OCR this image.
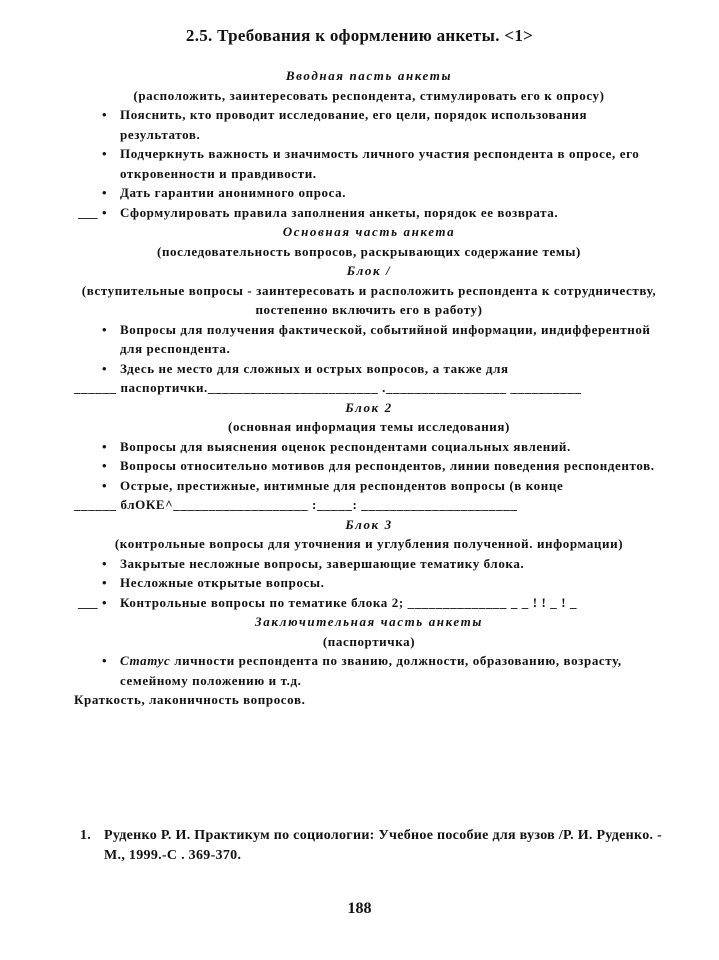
2.5. Требования к оформлению анкеты. <1>
Вводная пасть анкеты
(расположить, заинтересовать респондента, стимулировать его к опросу)
• Пояснить, кто проводит исследование, его цели, порядок использования результатов.
• Подчеркнуть важность и значимость личного участия респондента в опросе, его откровенности и правдивости.
• Дать гарантии анонимного опроса.
___ • Сформулировать правила заполнения анкеты, порядок ее возврата.
Основная часть анкета
(последовательность вопросов, раскрывающих содержание темы)
Блок /
(вступительные вопросы - заинтересовать и расположить респондента к сотрудничеству, постепенно включить его в работу)
• Вопросы для получения фактической, событийной информации, индифферентной для респондента.
• Здесь не место для сложных и острых вопросов, а также для
______ паспортички.________________________ ._________________ __________
Блок 2
(основная информация темы исследования)
• Вопросы для выяснения оценок респондентами социальных явлений.
• Вопросы относительно мотивов для респондентов, линии поведения респондентов.
• Острые, престижные, интимные для респондентов вопросы (в конце
______ блОКЕ^___________________ :_____: ______________________
Блок 3
(контрольные вопросы для уточнения и углубления полученной. информации)
• Закрытые несложные вопросы, завершающие тематику блока.
• Несложные открытые вопросы.
___ • Контрольные вопросы по тематике блока 2; ______________ _ _ ! ! _ ! _
Заключительная часть анкеты
(паспортичка)
• Статус личности респондента по званию, должности, образованию, возрасту, семейному положению и т.д.
Краткость, лаконичность вопросов.
1. Руденко Р. И. Практикум по социологии: Учебное пособие для вузов /Р. И. Руденко. - М., 1999.-С . 369-370.
188
